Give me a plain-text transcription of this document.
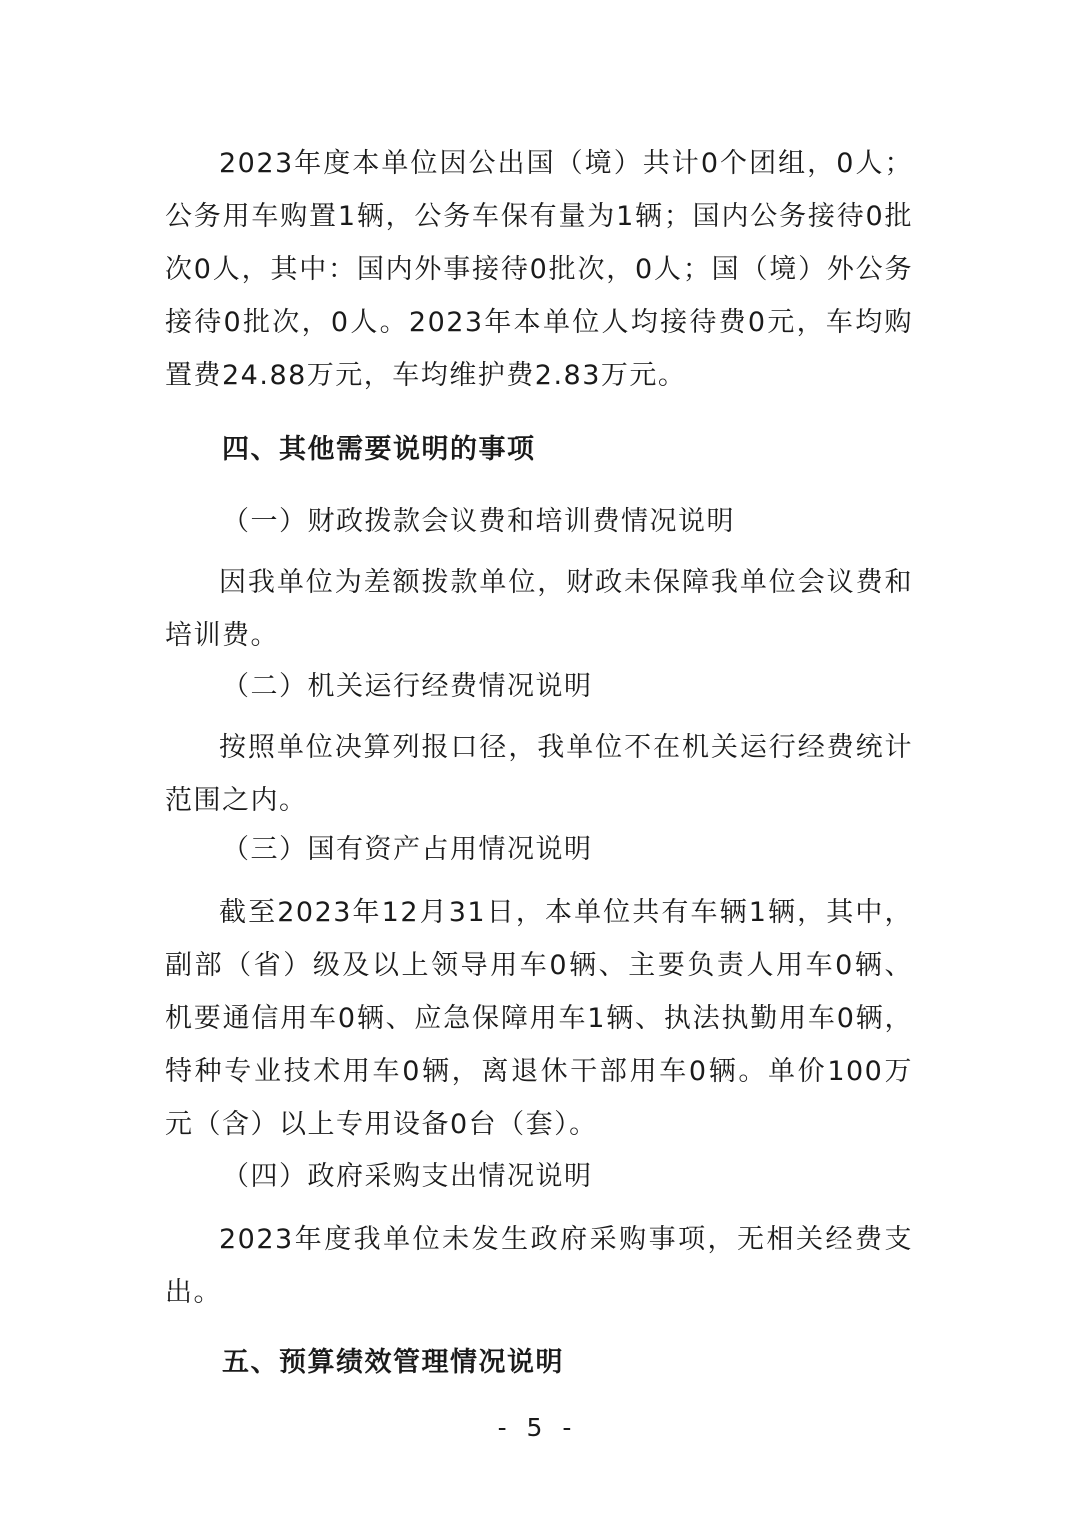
2023年度本单位因公出国（境）共计0个团组，0人；公务用车购置1辆，公务车保有量为1辆；国内公务接待0批次0人，其中：国内外事接待0批次，0人；国（境）外公务接待0批次，0人。2023年本单位人均接待费0元，车均购置费24.88万元，车均维护费2.83万元。

四、其他需要说明的事项

（一）财政拨款会议费和培训费情况说明

因我单位为差额拨款单位，财政未保障我单位会议费和培训费。

（二）机关运行经费情况说明

按照单位决算列报口径，我单位不在机关运行经费统计范围之内。

（三）国有资产占用情况说明

截至2023年12月31日，本单位共有车辆1辆，其中，副部（省）级及以上领导用车0辆、主要负责人用车0辆、机要通信用车0辆、应急保障用车1辆、执法执勤用车0辆，特种专业技术用车0辆，离退休干部用车0辆。单价100万元（含）以上专用设备0台（套）。

（四）政府采购支出情况说明

2023年度我单位未发生政府采购事项，无相关经费支出。

五、预算绩效管理情况说明

- 5 -
